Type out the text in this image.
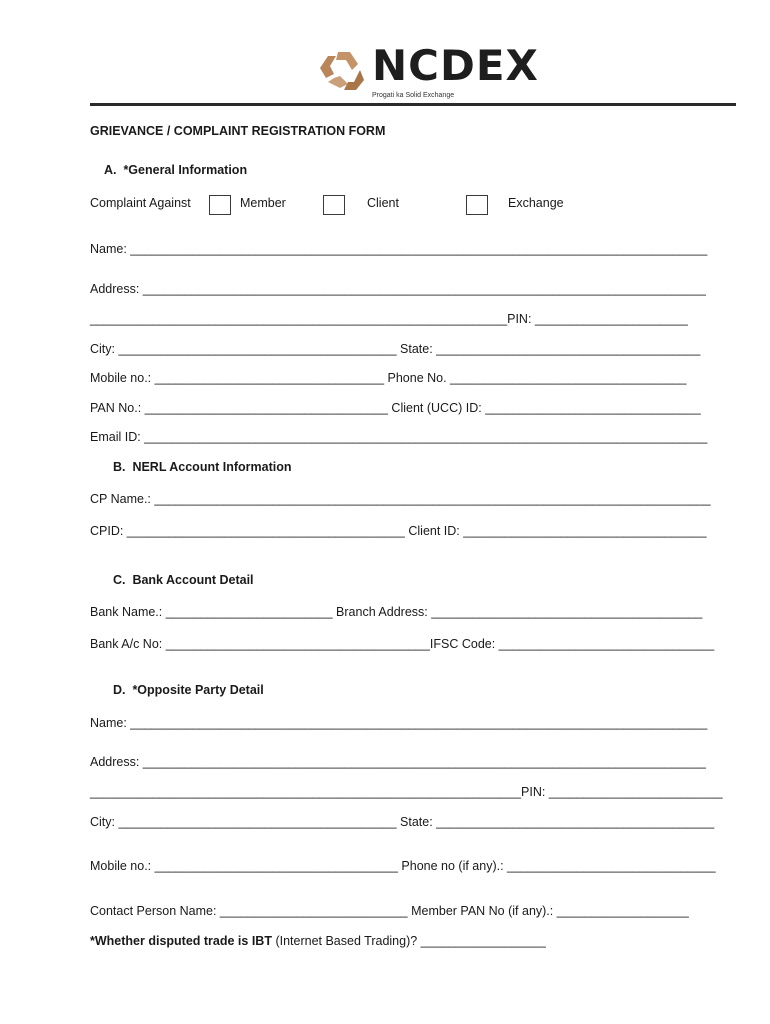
NCDEX
Progati ka Solid Exchange
GRIEVANCE / COMPLAINT REGISTRATION FORM
A.  *General Information
Complaint Against	Member	Client	Exchange
Name: ___________________________________________________________________________________
Address: _________________________________________________________________________________
____________________________________________________________PIN: ______________________
City: ________________________________________ State: ______________________________________
Mobile no.: _________________________________ Phone No. __________________________________
PAN No.: ___________________________________ Client (UCC) ID: _______________________________
Email ID: _________________________________________________________________________________
B.  NERL Account Information
CP Name.: ________________________________________________________________________________
CPID: ________________________________________ Client ID: ___________________________________
C.  Bank Account Detail
Bank Name.: ________________________ Branch Address: _______________________________________
Bank A/c No: ______________________________________IFSC Code: _______________________________
D.  *Opposite Party Detail
Name: ___________________________________________________________________________________
Address: _________________________________________________________________________________
______________________________________________________________PIN: _________________________
City: ________________________________________ State: ________________________________________
Mobile no.: ___________________________________ Phone no (if any).: ______________________________
Contact Person Name: ___________________________ Member PAN No (if any).: ___________________
*Whether disputed trade is IBT (Internet Based Trading)? __________________
